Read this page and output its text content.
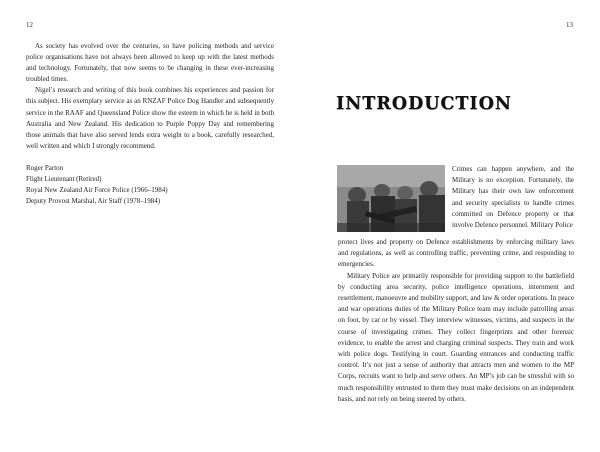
12

As society has evolved over the centuries, so have policing methods and service police organisations have not always been allowed to keep up with the latest methods and technology. Fortunately, that now seems to be changing in these ever-increasing troubled times.

Nigel’s research and writing of this book combines his experiences and passion for this subject. His exemplary service as an RNZAF Police Dog Handler and subsequently service in the RAAF and Queensland Police show the esteem in which he is held in both Australia and New Zealand. His dedication to Purple Poppy Day and remembering those animals that have also served lends extra weight to a book, carefully researched, well written and which I strongly recommend.

Roger Parton
Flight Lieutenant (Retired)
Royal New Zealand Air Force Police (1966–1984)
Deputy Provost Marshal, Air Staff (1978–1984)
13
INTRODUCTION
Crimes can happen anywhere, and the Military is no exception. Fortunately, the Military has their own law enforcement and security specialists to handle crimes committed on Defence property or that involve Defence personnel. Military Police

protect lives and property on Defence establishments by enforcing military laws and regulations, as well as controlling traffic, preventing crime, and responding to emergencies.

Military Police are primarily responsible for providing support to the battlefield by conducting area security, police intelligence operations, internment and resettlement, manoeuvre and mobility support, and law & order operations. In peace and war operations duties of the Military Police team may include patrolling areas on foot, by car or by vessel. They interview witnesses, victims, and suspects in the course of investigating crimes. They collect fingerprints and other forensic evidence, to enable the arrest and charging criminal suspects. They train and work with police dogs. Testifying in court. Guarding entrances and conducting traffic control. It’s not just a sense of authority that attracts men and women to the MP Corps, recruits want to help and serve others. An MP’s job can be stressful with so much responsibility entrusted to them they must make decisions on an independent basis, and not rely on being steered by others.
